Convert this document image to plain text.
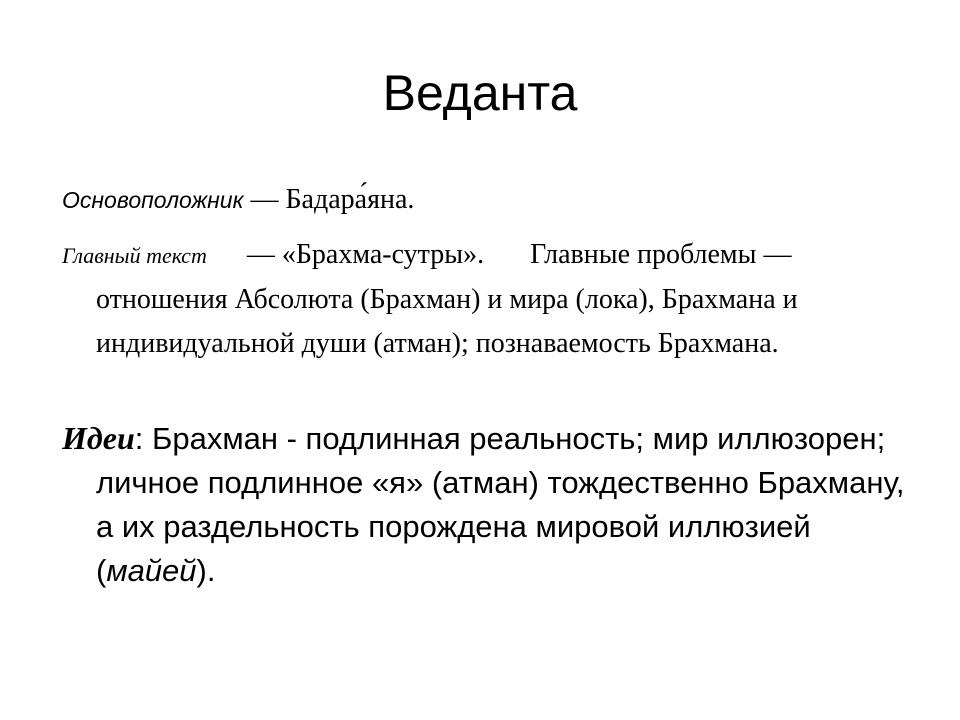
Веданта
Основоположник — Бадара́яна.
Главный текст — «Брахма-сутры». Главные проблемы — отношения Абсолюта (Брахман) и мира (лока), Брахмана и индивидуальной души (атман); познаваемость Брахмана.
Идеи: Брахман - подлинная реальность; мир иллюзорен; личное подлинное «я» (атман) тождественно Брахману, а их раздельность порождена мировой иллюзией (майей).
